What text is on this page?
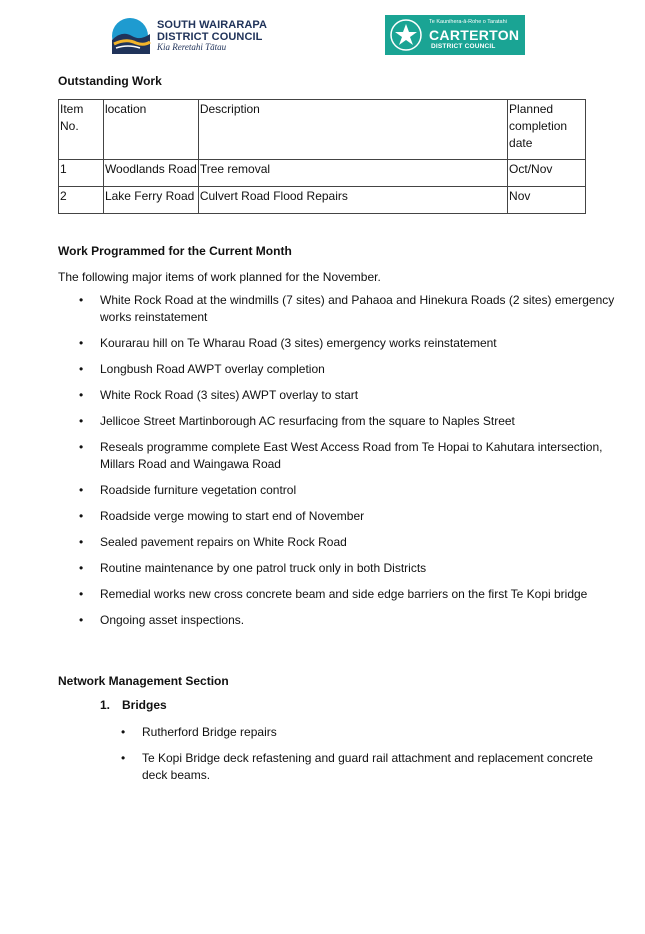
SOUTH WAIRARAPA
DISTRICT COUNCIL
Kia Reretahi Tātau
Te Kaunihera-ā-Rohe o Taratahi
CARTERTON
DISTRICT COUNCIL
Outstanding Work
Item No.	location	Description	Planned completion date
1	Woodlands Road	Tree removal	Oct/Nov
2	Lake Ferry Road	Culvert Road Flood Repairs	Nov
Work Programmed for the Current Month

The following major items of work planned for the November.

• White Rock Road at the windmills (7 sites) and Pahaoa and Hinekura Roads (2 sites) emergency works reinstatement
• Kourarau hill on Te Wharau Road (3 sites) emergency works reinstatement
• Longbush Road AWPT overlay completion
• White Rock Road (3 sites) AWPT overlay to start
• Jellicoe Street Martinborough AC resurfacing from the square to Naples Street
• Reseals programme complete East West Access Road from Te Hopai to Kahutara intersection, Millars Road and Waingawa Road
• Roadside furniture vegetation control
• Roadside verge mowing to start end of November
• Sealed pavement repairs on White Rock Road
• Routine maintenance by one patrol truck only in both Districts
• Remedial works new cross concrete beam and side edge barriers on the first Te Kopi bridge
• Ongoing asset inspections.
Network Management Section
1. Bridges
• Rutherford Bridge repairs
• Te Kopi Bridge deck refastening and guard rail attachment and replacement concrete deck beams.
